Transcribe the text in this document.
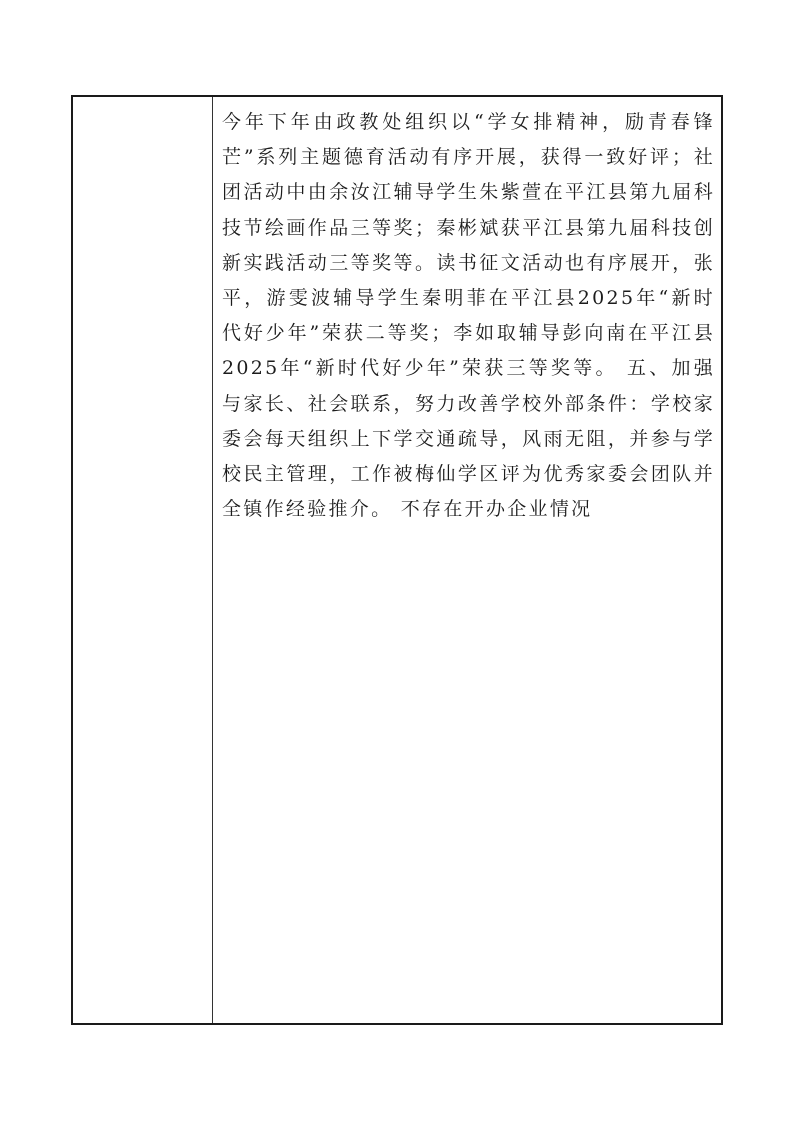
今年下年由政教处组织以“学女排精神，励青春锋芒”系列主题德育活动有序开展，获得一致好评；社团活动中由余汝江辅导学生朱紫萱在平江县第九届科技节绘画作品三等奖；秦彬斌获平江县第九届科技创新实践活动三等奖等。读书征文活动也有序展开，张平，游雯波辅导学生秦明菲在平江县2025年“新时代好少年”荣获二等奖；李如取辅导彭向南在平江县2025年“新时代好少年”荣获三等奖等。 五、加强与家长、社会联系，努力改善学校外部条件：学校家委会每天组织上下学交通疏导，风雨无阻，并参与学校民主管理，工作被梅仙学区评为优秀家委会团队并全镇作经验推介。 不存在开办企业情况
